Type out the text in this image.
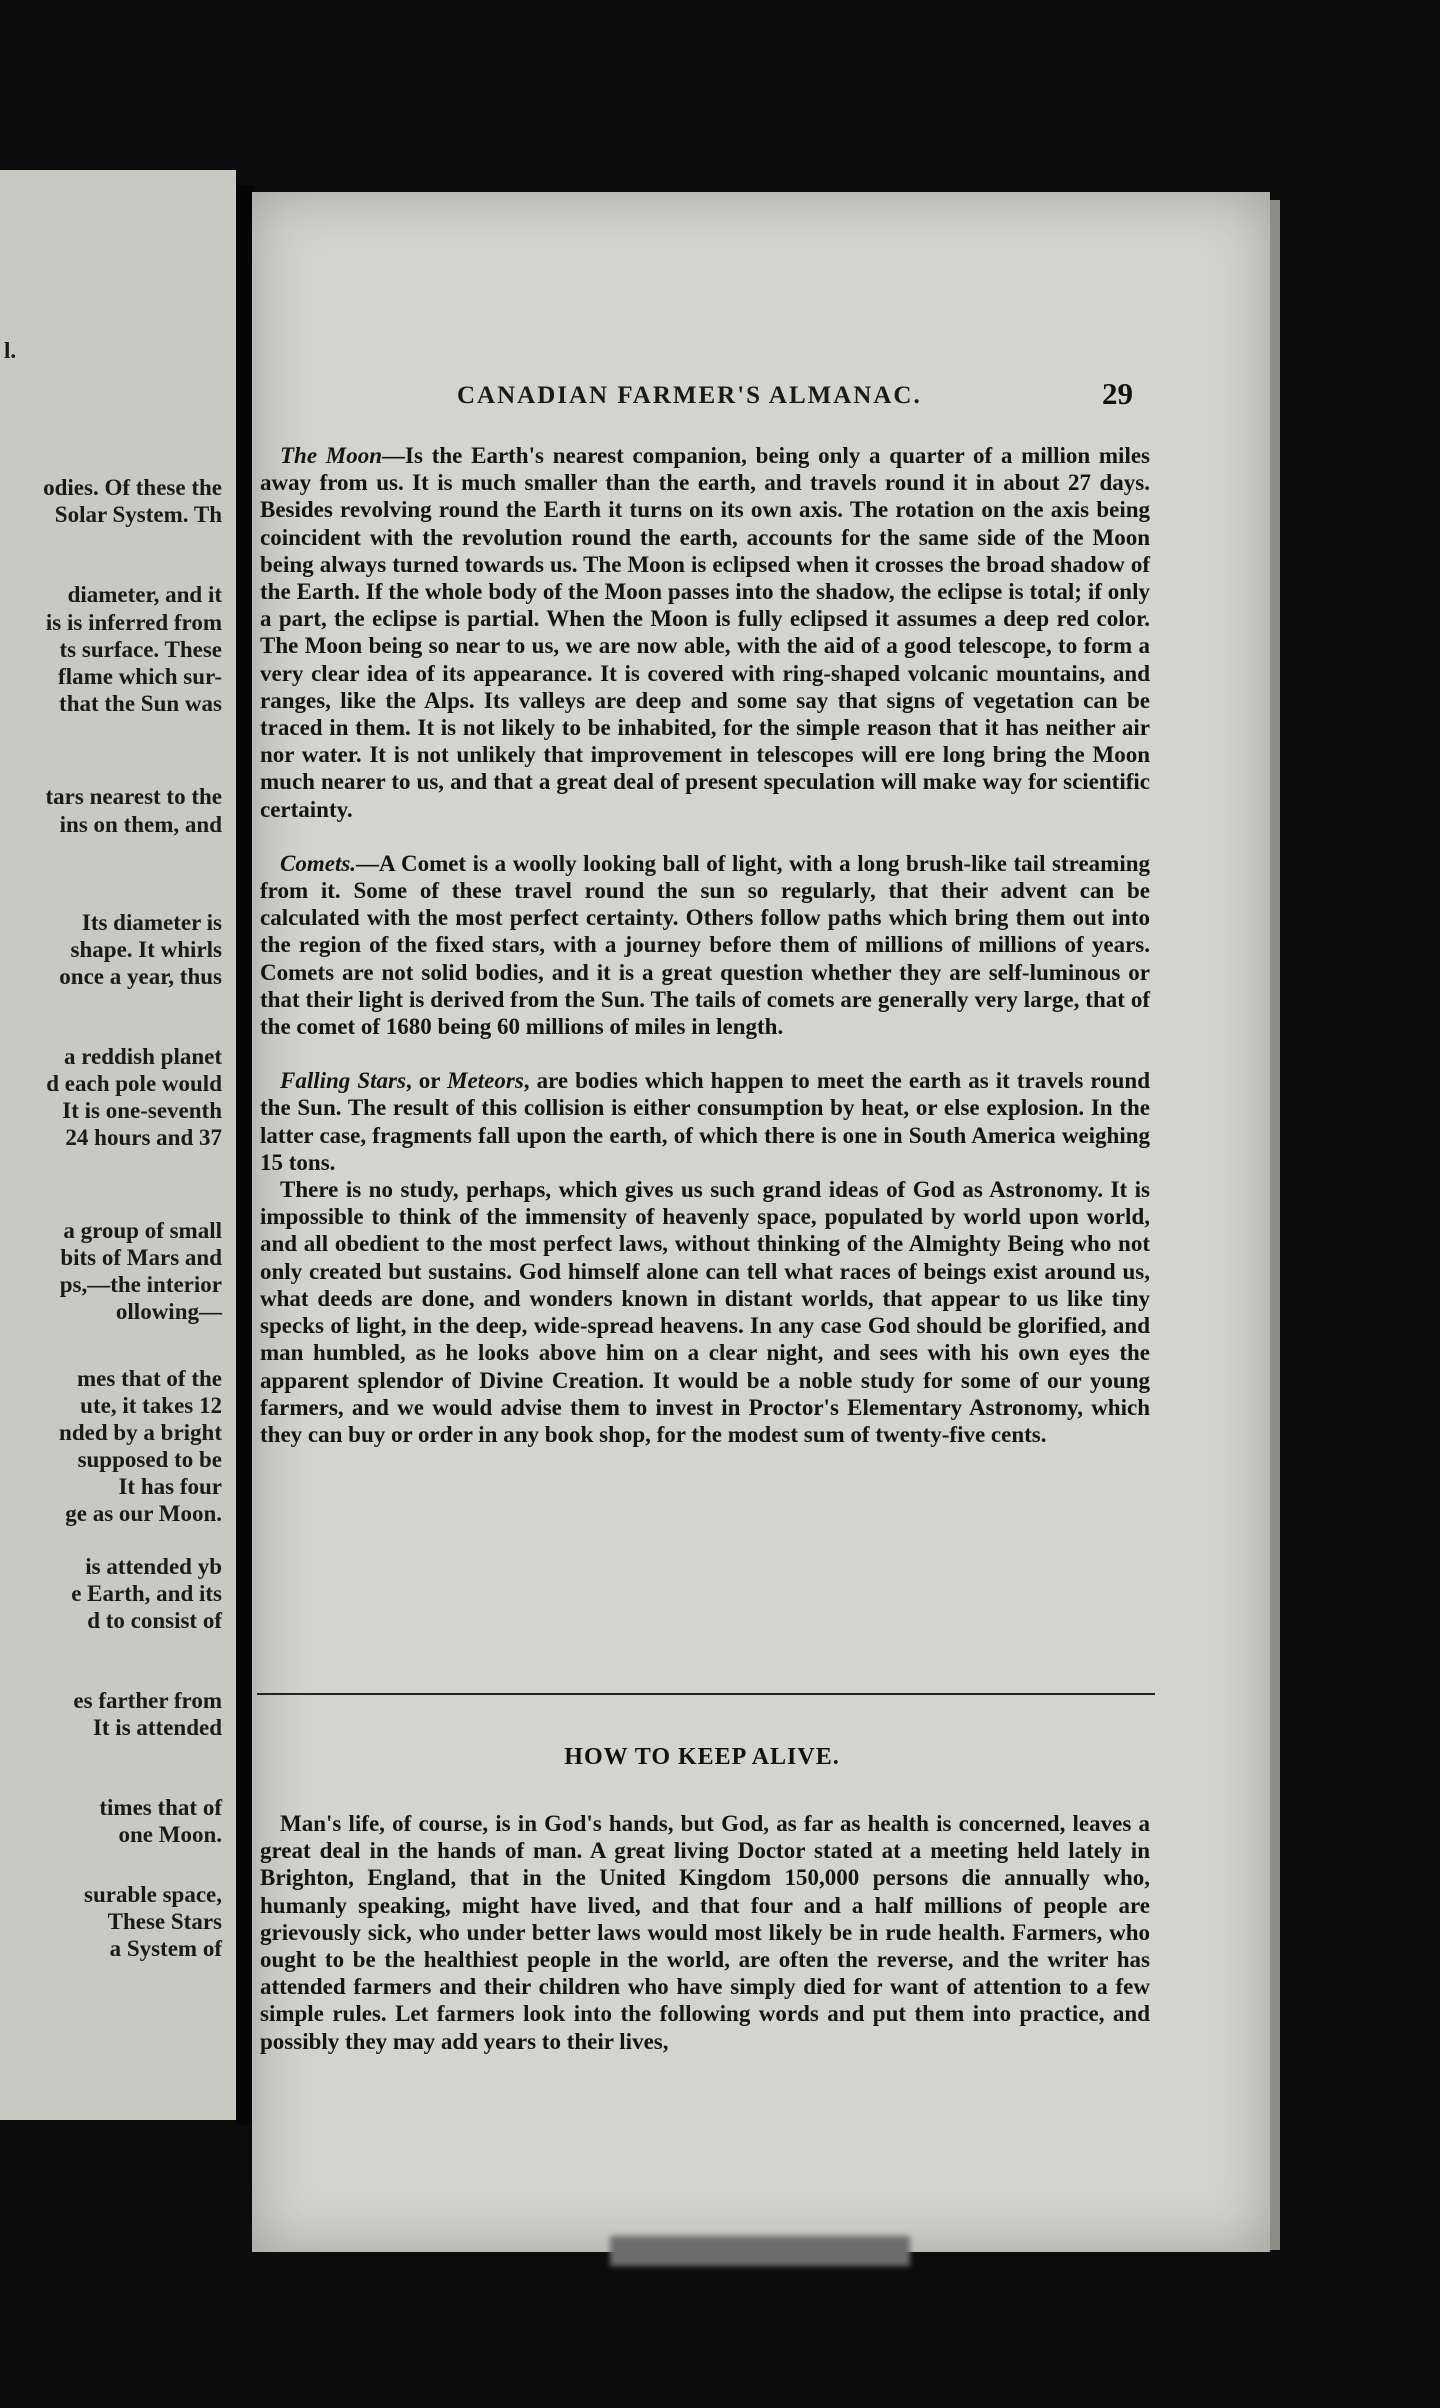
l.
odies. Of these the
Solar System. Th
diameter, and it
is is inferred from
ts surface. These
flame which sur-
that the Sun was
tars nearest to the
ins on them, and
Its diameter is
shape. It whirls
once a year, thus
a reddish planet
d each pole would
It is one-seventh
24 hours and 37
a group of small
bits of Mars and
ps,—the interior
ollowing—
mes that of the
ute, it takes 12
nded by a bright
supposed to be
It has four
ge as our Moon.
is attended yb
e Earth, and its
d to consist of
es farther from
It is attended
times that of
one Moon.
surable space,
These Stars
a System of
CANADIAN FARMER'S ALMANAC.	29

The Moon—Is the Earth's nearest companion, being only a quarter of a million miles away from us. It is much smaller than the earth, and travels round it in about 27 days. Besides revolving round the Earth it turns on its own axis. The rotation on the axis being coincident with the revolution round the earth, accounts for the same side of the Moon being always turned towards us. The Moon is eclipsed when it crosses the broad shadow of the Earth. If the whole body of the Moon passes into the shadow, the eclipse is total; if only a part, the eclipse is partial. When the Moon is fully eclipsed it assumes a deep red color. The Moon being so near to us, we are now able, with the aid of a good telescope, to form a very clear idea of its appearance. It is covered with ring-shaped volcanic mountains, and ranges, like the Alps. Its valleys are deep and some say that signs of vegetation can be traced in them. It is not likely to be inhabited, for the simple reason that it has neither air nor water. It is not unlikely that improvement in telescopes will ere long bring the Moon much nearer to us, and that a great deal of present speculation will make way for scientific certainty.

Comets.—A Comet is a woolly looking ball of light, with a long brush-like tail streaming from it. Some of these travel round the sun so regularly, that their advent can be calculated with the most perfect certainty. Others follow paths which bring them out into the region of the fixed stars, with a journey before them of millions of millions of years. Comets are not solid bodies, and it is a great question whether they are self-luminous or that their light is derived from the Sun. The tails of comets are generally very large, that of the comet of 1680 being 60 millions of miles in length.

Falling Stars, or Meteors, are bodies which happen to meet the earth as it travels round the Sun. The result of this collision is either consumption by heat, or else explosion. In the latter case, fragments fall upon the earth, of which there is one in South America weighing 15 tons.

There is no study, perhaps, which gives us such grand ideas of God as Astronomy. It is impossible to think of the immensity of heavenly space, populated by world upon world, and all obedient to the most perfect laws, without thinking of the Almighty Being who not only created but sustains. God himself alone can tell what races of beings exist around us, what deeds are done, and wonders known in distant worlds, that appear to us like tiny specks of light, in the deep, wide-spread heavens. In any case God should be glorified, and man humbled, as he looks above him on a clear night, and sees with his own eyes the apparent splendor of Divine Creation. It would be a noble study for some of our young farmers, and we would advise them to invest in Proctor's Elementary Astronomy, which they can buy or order in any book shop, for the modest sum of twenty-five cents.

HOW TO KEEP ALIVE.

Man's life, of course, is in God's hands, but God, as far as health is concerned, leaves a great deal in the hands of man. A great living Doctor stated at a meeting held lately in Brighton, England, that in the United Kingdom 150,000 persons die annually who, humanly speaking, might have lived, and that four and a half millions of people are grievously sick, who under better laws would most likely be in rude health. Farmers, who ought to be the healthiest people in the world, are often the reverse, and the writer has attended farmers and their children who have simply died for want of attention to a few simple rules. Let farmers look into the following words and put them into practice, and possibly they may add years to their lives,
